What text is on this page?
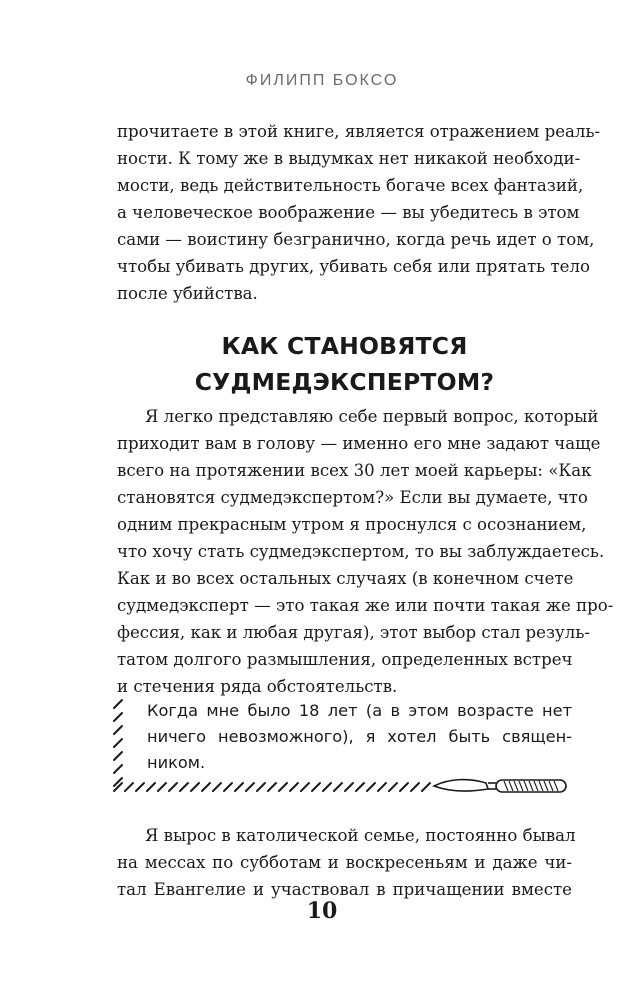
ФИЛИПП БОКСО
прочитаете в этой книге, является отражением реаль-
ности. К тому же в выдумках нет никакой необходи-
мости, ведь действительность богаче всех фантазий,
а человеческое воображение — вы убедитесь в этом
сами — воистину безгранично, когда речь идет о том,
чтобы убивать других, убивать себя или прятать тело
после убийства.
КАК СТАНОВЯТСЯ
СУДМЕДЭКСПЕРТОМ?
Я легко представляю себе первый вопрос, который
приходит вам в голову — именно его мне задают чаще
всего на протяжении всех 30 лет моей карьеры: «Как
становятся судмедэкспертом?» Если вы думаете, что
одним прекрасным утром я проснулся с осознанием,
что хочу стать судмедэкспертом, то вы заблуждаетесь.
Как и во всех остальных случаях (в конечном счете
судмедэксперт — это такая же или почти такая же про-
фессия, как и любая другая), этот выбор стал резуль-
татом долгого размышления, определенных встреч
и стечения ряда обстоятельств.
Когда мне было 18 лет (а в этом возрасте нет
ничего невозможного), я хотел быть священ-
ником.
Я вырос в католической семье, постоянно бывал
на мессах по субботам и воскресеньям и даже чи-
тал Евангелие и участвовал в причащении вместе
10
